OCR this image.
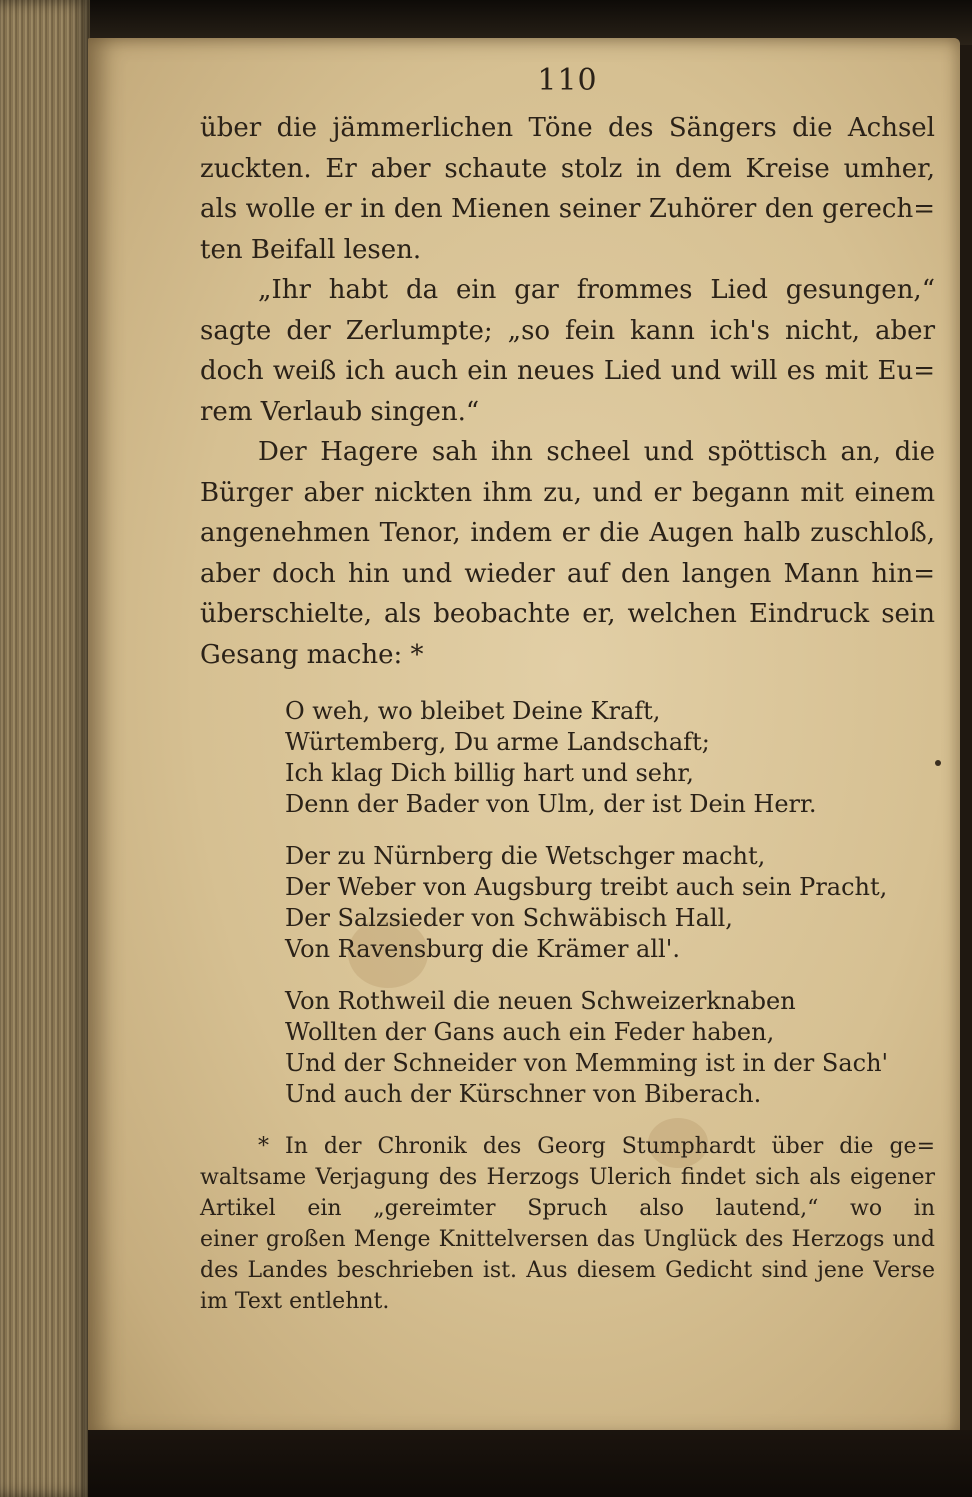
110

über die jämmerlichen Töne des Sängers die Achsel
zuckten. Er aber schaute stolz in dem Kreise umher,
als wolle er in den Mienen seiner Zuhörer den gerech=
ten Beifall lesen.

„Ihr habt da ein gar frommes Lied gesungen,“
sagte der Zerlumpte; „so fein kann ich's nicht, aber
doch weiß ich auch ein neues Lied und will es mit Eu=
rem Verlaub singen.“

Der Hagere sah ihn scheel und spöttisch an, die
Bürger aber nickten ihm zu, und er begann mit einem
angenehmen Tenor, indem er die Augen halb zuschloß,
aber doch hin und wieder auf den langen Mann hin=
überschielte, als beobachte er, welchen Eindruck sein
Gesang mache: *

O weh, wo bleibet Deine Kraft,
Würtemberg, Du arme Landschaft;
Ich klag Dich billig hart und sehr,
Denn der Bader von Ulm, der ist Dein Herr.
Der zu Nürnberg die Wetschger macht,
Der Weber von Augsburg treibt auch sein Pracht,
Der Salzsieder von Schwäbisch Hall,
Von Ravensburg die Krämer all'.
Von Rothweil die neuen Schweizerknaben
Wollten der Gans auch ein Feder haben,
Und der Schneider von Memming ist in der Sach'
Und auch der Kürschner von Biberach.
* In der Chronik des Georg Stumphardt über die ge=
waltsame Verjagung des Herzogs Ulerich findet sich als eigener
Artikel ein „gereimter Spruch also lautend,“ wo in
einer großen Menge Knittelversen das Unglück des Herzogs und
des Landes beschrieben ist. Aus diesem Gedicht sind jene Verse
im Text entlehnt.
